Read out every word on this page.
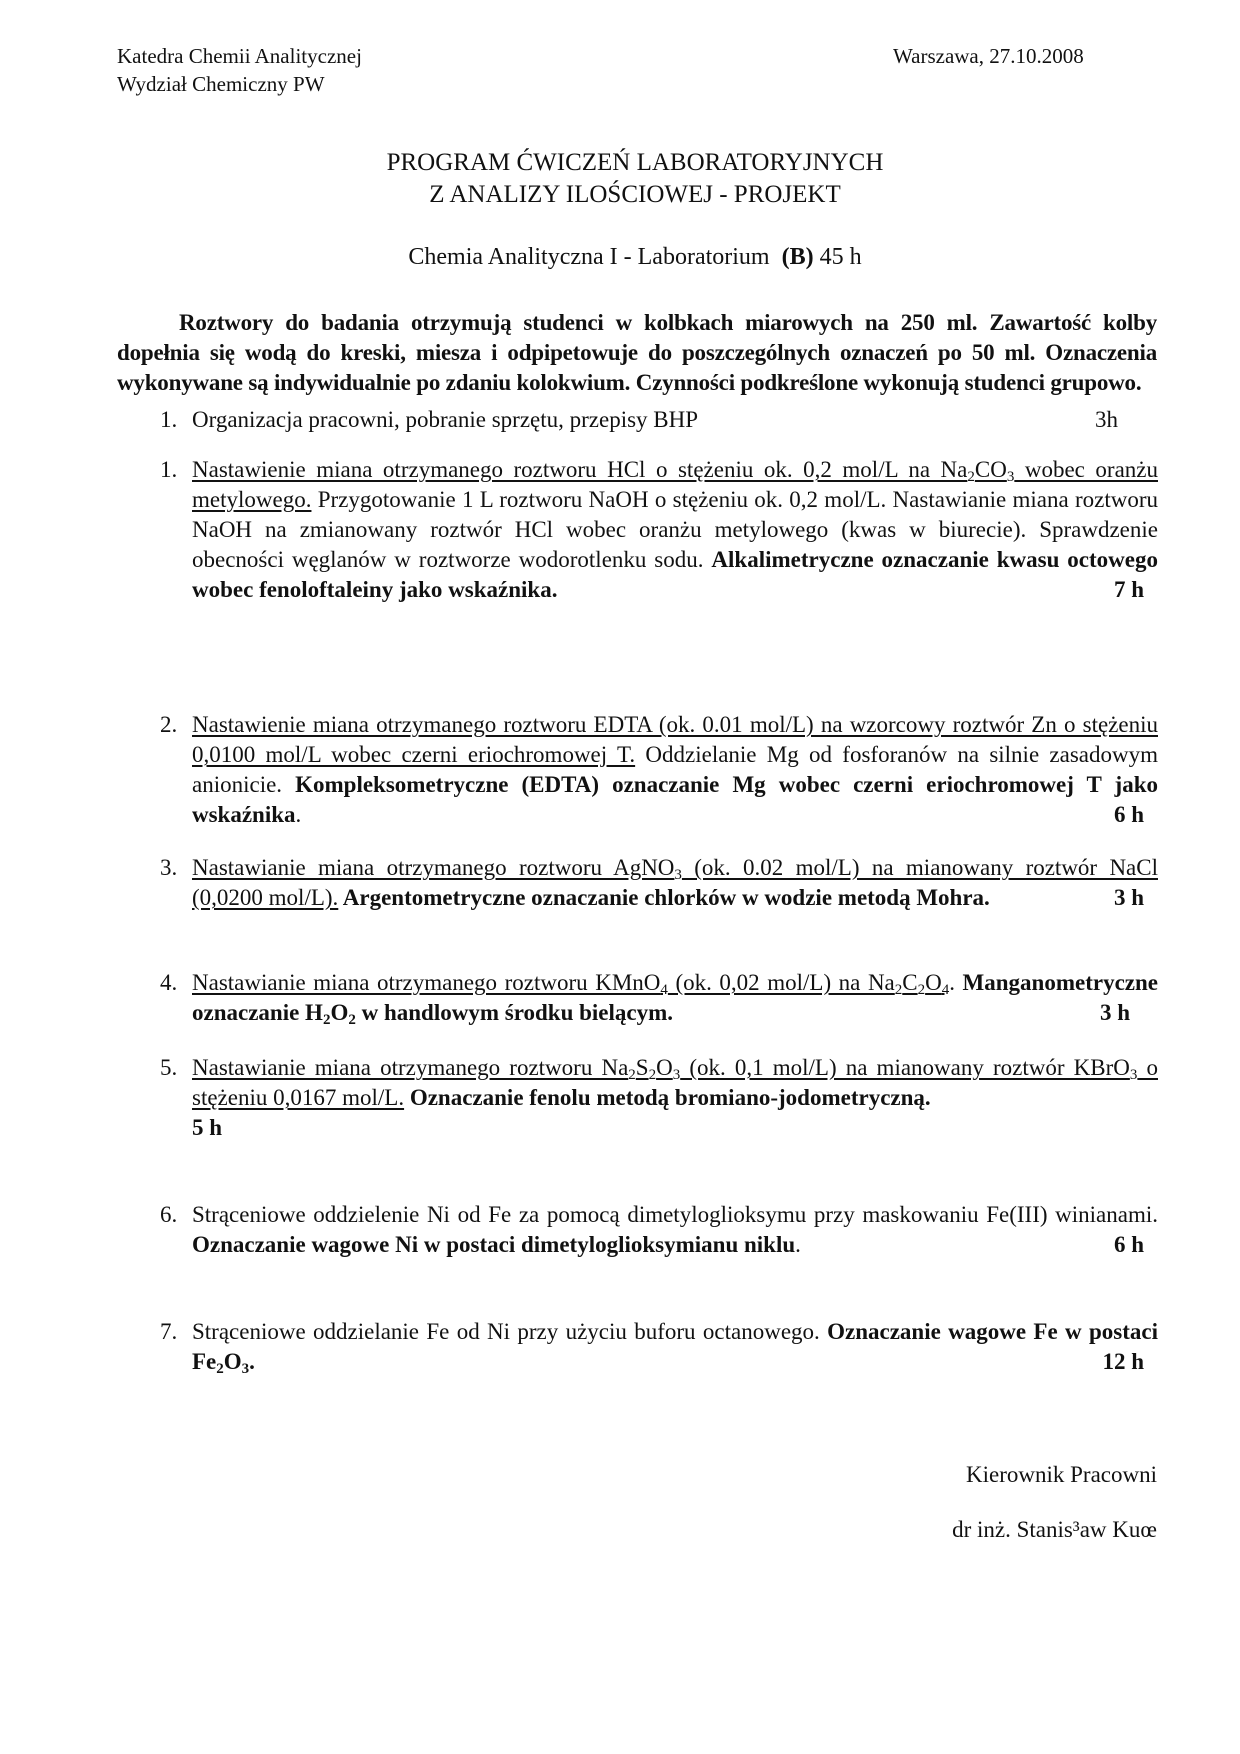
Katedra Chemii Analitycznej
Wydział Chemiczny PW
Warszawa, 27.10.2008
PROGRAM ĆWICZEŃ LABORATORYJNYCH
Z ANALIZY ILOŚCIOWEJ - PROJEKT
Chemia Analityczna I - Laboratorium (B) 45 h
Roztwory do badania otrzymują studenci w kolbkach miarowych na 250 ml. Zawartość kolby dopełnia się wodą do kreski, miesza i odpipetowuje do poszczególnych oznaczeń po 50 ml. Oznaczenia wykonywane są indywidualnie po zdaniu kolokwium. Czynności podkreślone wykonują studenci grupowo.
1. Organizacja pracowni, pobranie sprzętu, przepisy BHP	3h
1. Nastawienie miana otrzymanego roztworu HCl o stężeniu ok. 0,2 mol/L na $Na_2CO_3$ wobec oranżu metylowego. Przygotowanie 1 L roztworu NaOH o stężeniu ok. 0,2 mol/L. Nastawianie miana roztworu NaOH na zmianowany roztwór HCl wobec oranżu metylowego (kwas w biurecie). Sprawdzenie obecności węglanów w roztworze wodorotlenku sodu. Alkalimetryczne oznaczanie kwasu octowego wobec fenoloftaleiny jako wskaźnika.	7 h
2. Nastawienie miana otrzymanego roztworu EDTA (ok. 0.01 mol/L) na wzorcowy roztwór Zn o stężeniu 0,0100 mol/L wobec czerni eriochromowej T. Oddzielanie Mg od fosforanów na silnie zasadowym anionicie. Kompleksometryczne (EDTA) oznaczanie Mg wobec czerni eriochromowej T jako wskaźnika.	6 h
3. Nastawianie miana otrzymanego roztworu AgNO$_3$ (ok. 0.02 mol/L) na mianowany roztwór NaCl (0,0200 mol/L). Argentometryczne oznaczanie chlorków w wodzie metodą Mohra.	3 h
4. Nastawianie miana otrzymanego roztworu KMnO$_4$ (ok. 0,02 mol/L) na $Na_2C_2O_4$. Manganometryczne oznaczanie $H_2O_2$ w handlowym środku bielącym.	3 h
5. Nastawianie miana otrzymanego roztworu $Na_2S_2O_3$ (ok. 0,1 mol/L) na mianowany roztwór KBrO$_3$ o stężeniu 0,0167 mol/L. Oznaczanie fenolu metodą bromiano-jodometryczną.
5 h
6. Strąceniowe oddzielenie Ni od Fe za pomocą dimetyloglioksymu przy maskowaniu Fe(III) winianami. Oznaczanie wagowe Ni w postaci dimetyloglioksymianu niklu.	6 h
7. Strąceniowe oddzielanie Fe od Ni przy użyciu buforu octanowego. Oznaczanie wagowe Fe w postaci $Fe_2O_3$.	12 h
Kierownik Pracowni
dr inż. Stanis³aw Kuœ
